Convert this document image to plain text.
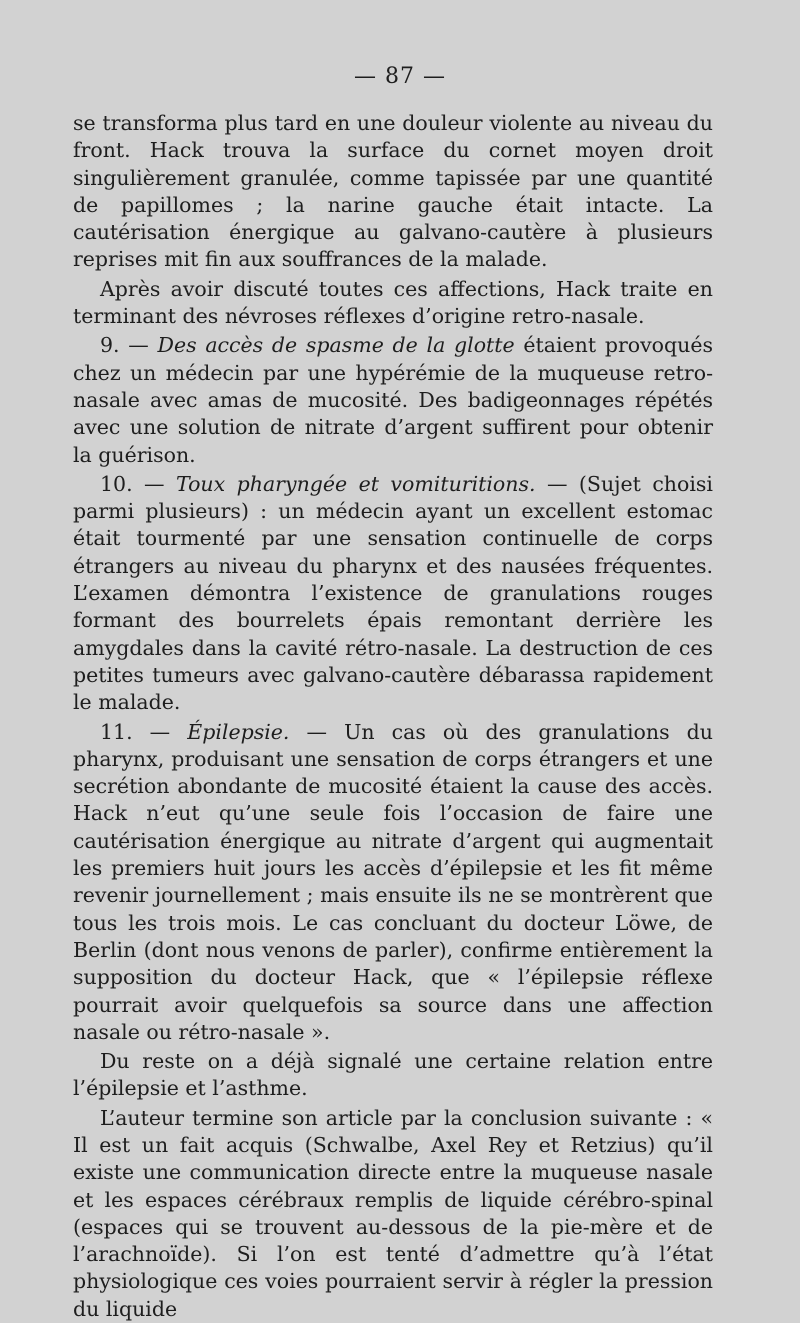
— 87 —

se transforma plus tard en une douleur violente au niveau du front. Hack trouva la surface du cornet moyen droit singulièrement granulée, comme tapissée par une quantité de papillomes ; la narine gauche était intacte. La cautérisation énergique au galvano-cautère à plusieurs reprises mit fin aux souffrances de la malade.

Après avoir discuté toutes ces affections, Hack traite en terminant des névroses réflexes d’origine retro-nasale.

9. — Des accès de spasme de la glotte étaient provoqués chez un médecin par une hypérémie de la muqueuse retro-nasale avec amas de mucosité. Des badigeonnages répétés avec une solution de nitrate d’argent suffirent pour obtenir la guérison.

10. — Toux pharyngée et vomituritions. — (Sujet choisi parmi plusieurs) : un médecin ayant un excellent estomac était tourmenté par une sensation continuelle de corps étrangers au niveau du pharynx et des nausées fréquentes. L’examen démontra l’existence de granulations rouges formant des bourrelets épais remontant derrière les amygdales dans la cavité rétro-nasale. La destruction de ces petites tumeurs avec galvano-cautère débarassa rapidement le malade.

11. — Épilepsie. — Un cas où des granulations du pharynx, produisant une sensation de corps étrangers et une secrétion abondante de mucosité étaient la cause des accès. Hack n’eut qu’une seule fois l’occasion de faire une cautérisation énergique au nitrate d’argent qui augmentait les premiers huit jours les accès d’épilepsie et les fit même revenir journellement ; mais ensuite ils ne se montrèrent que tous les trois mois. Le cas concluant du docteur Löwe, de Berlin (dont nous venons de parler), confirme entièrement la supposition du docteur Hack, que « l’épilepsie réflexe pourrait avoir quelquefois sa source dans une affection nasale ou rétro-nasale ».

Du reste on a déjà signalé une certaine relation entre l’épilepsie et l’asthme.

L’auteur termine son article par la conclusion suivante : « Il est un fait acquis (Schwalbe, Axel Rey et Retzius) qu’il existe une communication directe entre la muqueuse nasale et les espaces cérébraux remplis de liquide cérébro-spinal (espaces qui se trouvent au-dessous de la pie-mère et de l’arachnoïde). Si l’on est tenté d’admettre qu’à l’état physiologique ces voies pourraient servir à régler la pression du liquide
